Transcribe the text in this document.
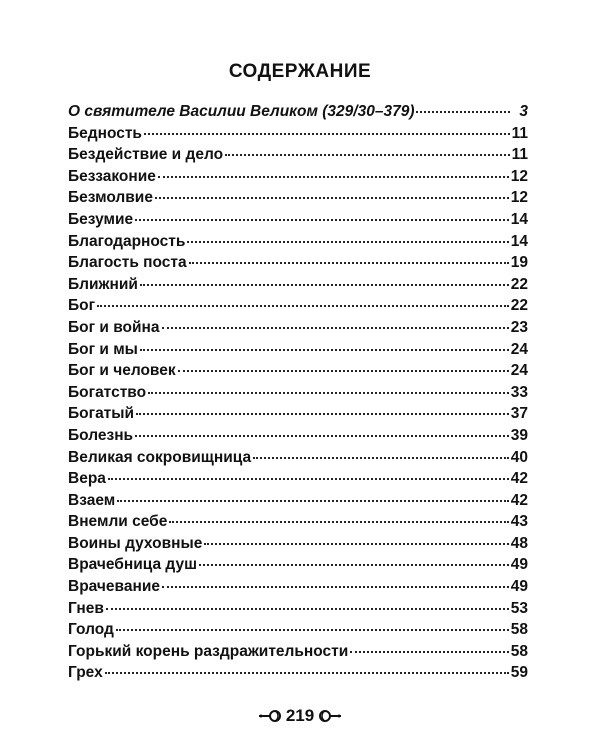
СОДЕРЖАНИЕ
О святителе Василии Великом (329/30–379)	3
Бедность	11
Бездействие и дело	11
Беззаконие	12
Безмолвие	12
Безумие	14
Благодарность	14
Благость поста	19
Ближний	22
Бог	22
Бог и война	23
Бог и мы	24
Бог и человек	24
Богатство	33
Богатый	37
Болезнь	39
Великая сокровищница	40
Вера	42
Взаем	42
Внемли себе	43
Воины духовные	48
Врачебница душ	49
Врачевание	49
Гнев	53
Голод	58
Горький корень раздражительности	58
Грех	59
219
